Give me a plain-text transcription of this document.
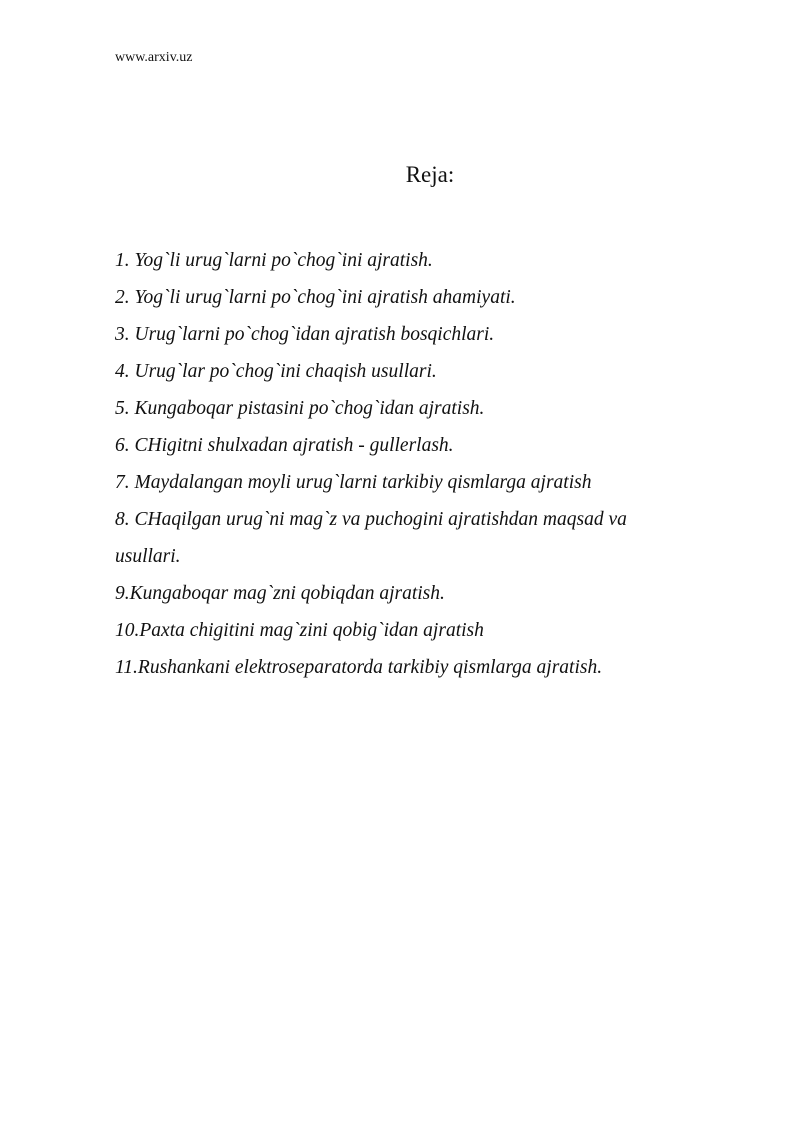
www.arxiv.uz
Reja:
1. Yog`li urug`larni po`chog`ini ajratish.
2. Yog`li urug`larni po`chog`ini ajratish ahamiyati.
3. Urug`larni po`chog`idan ajratish bosqichlari.
4. Urug`lar po`chog`ini chaqish usullari.
5. Kungaboqar pistasini po`chog`idan ajratish.
6. CHigitni shulxadan ajratish - gullerlash.
7. Maydalangan moyli urug`larni tarkibiy qismlarga ajratish
8. CHaqilgan urug`ni mag`z va puchogini ajratishdan maqsad va usullari.
9.Kungaboqar mag`zni qobiqdan ajratish.
10.Paxta chigitini mag`zini qobig`idan ajratish
11.Rushankani elektroseparatorda tarkibiy qismlarga ajratish.
